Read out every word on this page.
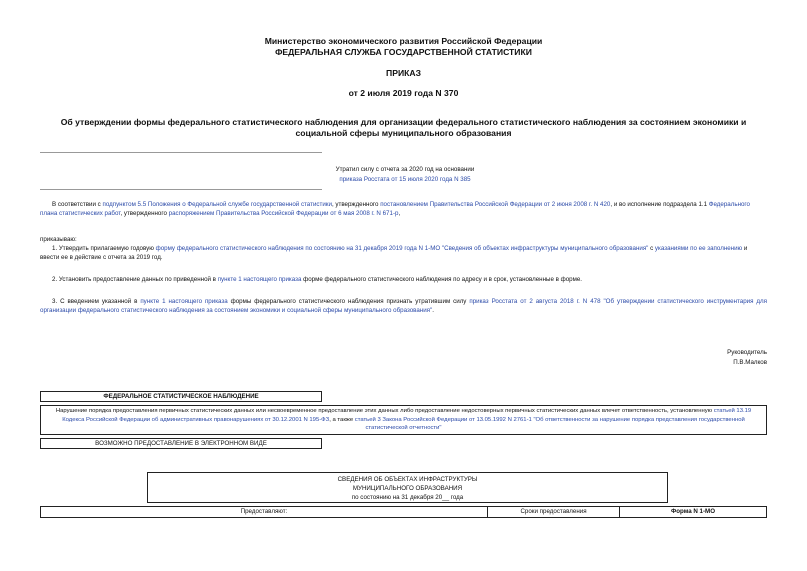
Министерство экономического развития Российской Федерации
ФЕДЕРАЛЬНАЯ СЛУЖБА ГОСУДАРСТВЕННОЙ СТАТИСТИКИ
ПРИКАЗ
от 2 июля 2019 года N 370
Об утверждении формы федерального статистического наблюдения для организации федерального статистического наблюдения за состоянием экономики и социальной сферы муниципального образования
Утратил силу с отчета за 2020 год на основании
приказа Росстата от 15 июля 2020 года N 385
В соответствии с подпунктом 5.5 Положения о Федеральной службе государственной статистики, утвержденного постановлением Правительства Российской Федерации от 2 июня 2008 г. N 420, и во исполнение подраздела 1.1 Федерального плана статистических работ, утвержденного распоряжением Правительства Российской Федерации от 6 мая 2008 г. N 671-р,
приказываю:
1. Утвердить прилагаемую годовую форму федерального статистического наблюдения по состоянию на 31 декабря 2019 года N 1-МО "Сведения об объектах инфраструктуры муниципального образования" с указаниями по ее заполнению и ввести ее в действие с отчета за 2019 год.
2. Установить предоставление данных по приведенной в пункте 1 настоящего приказа форме федерального статистического наблюдения по адресу и в срок, установленные в форме.
3. С введением указанной в пункте 1 настоящего приказа формы федерального статистического наблюдения признать утратившим силу приказ Росстата от 2 августа 2018 г. N 478 "Об утверждении статистического инструментария для организации федерального статистического наблюдения за состоянием экономики и социальной сферы муниципального образования".
Руководитель
П.В.Малков
ФЕДЕРАЛЬНОЕ СТАТИСТИЧЕСКОЕ НАБЛЮДЕНИЕ
Нарушение порядка предоставления первичных статистических данных или несвоевременное предоставление этих данных либо предоставление недостоверных первичных статистических данных влечет ответственность, установленную статьей 13.19 Кодекса Российской Федерации об административных правонарушениях от 30.12.2001 N 195-ФЗ, а также статьей 3 Закона Российской Федерации от 13.05.1992 N 2761-1 "Об ответственности за нарушение порядка представления государственной статистической отчетности"
ВОЗМОЖНО ПРЕДОСТАВЛЕНИЕ В ЭЛЕКТРОННОМ ВИДЕ
СВЕДЕНИЯ ОБ ОБЪЕКТАХ ИНФРАСТРУКТУРЫ
МУНИЦИПАЛЬНОГО ОБРАЗОВАНИЯ
по состоянию на 31 декабря 20__ года
Предоставляют:	Сроки предоставления	Форма N 1-МО
